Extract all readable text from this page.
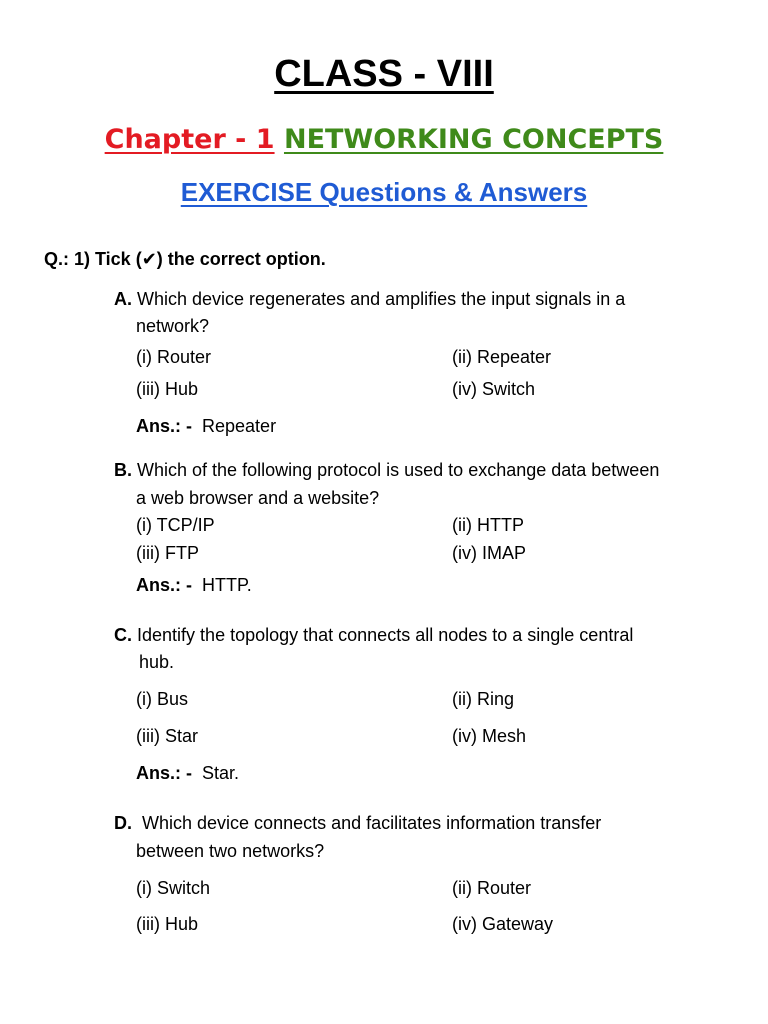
CLASS - VIII
Chapter - 1 NETWORKING CONCEPTS
EXERCISE Questions & Answers
Q.: 1) Tick (✔) the correct option.
A. Which device regenerates and amplifies the input signals in a
network?
(i) Router	(ii) Repeater
(iii) Hub	(iv) Switch
Ans.: - Repeater
B. Which of the following protocol is used to exchange data between
a web browser and a website?
(i) TCP/IP	(ii) HTTP
(iii) FTP	(iv) IMAP
Ans.: - HTTP.
C. Identify the topology that connects all nodes to a single central
hub.
(i) Bus	(ii) Ring
(iii) Star	(iv) Mesh
Ans.: - Star.
D. Which device connects and facilitates information transfer
between two networks?
(i) Switch	(ii) Router
(iii) Hub	(iv) Gateway
